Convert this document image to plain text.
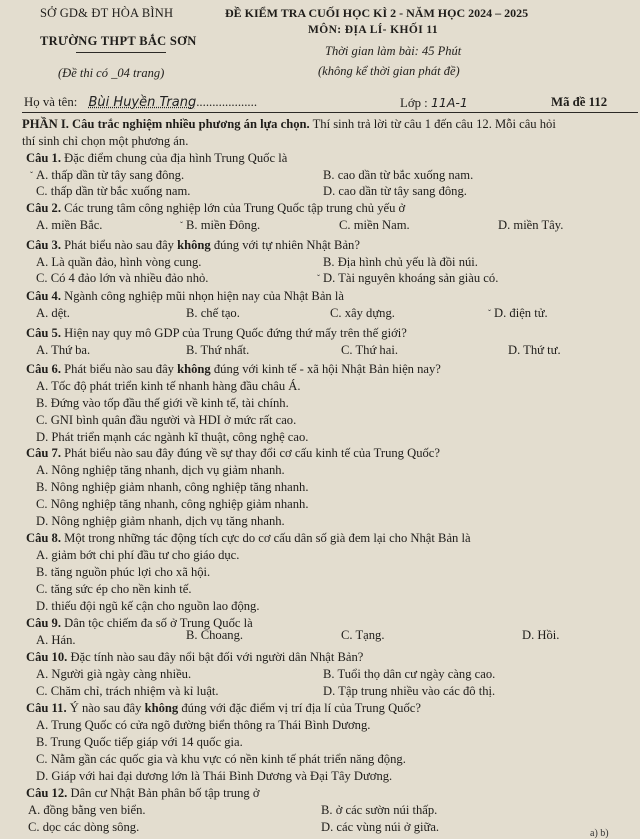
SỞ GD& ĐT HÒA BÌNH
TRƯỜNG THPT BẮC SƠN
(Đề thi có _04 trang)
ĐỀ KIỂM TRA CUỐI HỌC KÌ 2 - NĂM HỌC 2024 – 2025
MÔN: ĐỊA LÍ- KHỐI 11
Thời gian làm bài: 45 Phút
(không kể thời gian phát đề)
Họ và tên: Bùi Huyền Trang...................	Lớp : 11A-1	Mã đề 112
PHẦN I. Câu trắc nghiệm nhiều phương án lựa chọn. Thí sinh trả lời từ câu 1 đến câu 12. Mỗi câu hỏi
thí sinh chỉ chọn một phương án.
Câu 1. Đặc điểm chung của địa hình Trung Quốc là
A. thấp dần từ tây sang đông.	B. cao dần từ bắc xuống nam.
C. thấp dần từ bắc xuống nam.	D. cao dần từ tây sang đông.
Câu 2. Các trung tâm công nghiệp lớn của Trung Quốc tập trung chủ yếu ở
A. miền Bắc.	B. miền Đông.	C. miền Nam.	D. miền Tây.
Câu 3. Phát biểu nào sau đây không đúng với tự nhiên Nhật Bản?
A. Là quần đảo, hình vòng cung.	B. Địa hình chủ yếu là đồi núi.
C. Có 4 đảo lớn và nhiều đảo nhỏ.	D. Tài nguyên khoáng sản giàu có.
Câu 4. Ngành công nghiệp mũi nhọn hiện nay của Nhật Bản là
A. dệt.	B. chế tạo.	C. xây dựng.	D. điện tử.
Câu 5. Hiện nay quy mô GDP của Trung Quốc đứng thứ mấy trên thế giới?
A. Thứ ba.	B. Thứ nhất.	C. Thứ hai.	D. Thứ tư.
Câu 6. Phát biểu nào sau đây không đúng với kinh tế - xã hội Nhật Bản hiện nay?
A. Tốc độ phát triển kinh tế nhanh hàng đầu châu Á.
B. Đứng vào tốp đầu thế giới về kinh tế, tài chính.
C. GNI bình quân đầu người và HDI ở mức rất cao.
D. Phát triển mạnh các ngành kĩ thuật, công nghệ cao.
Câu 7. Phát biểu nào sau đây đúng về sự thay đổi cơ cấu kinh tế của Trung Quốc?
A. Nông nghiệp tăng nhanh, dịch vụ giảm nhanh.
B. Nông nghiệp giảm nhanh, công nghiệp tăng nhanh.
C. Nông nghiệp tăng nhanh, công nghiệp giảm nhanh.
D. Nông nghiệp giảm nhanh, dịch vụ tăng nhanh.
Câu 8. Một trong những tác động tích cực do cơ cấu dân số già đem lại cho Nhật Bản là
A. giảm bớt chi phí đầu tư cho giáo dục.
B. tăng nguồn phúc lợi cho xã hội.
C. tăng sức ép cho nền kinh tế.
D. thiếu đội ngũ kế cận cho nguồn lao động.
Câu 9. Dân tộc chiếm đa số ở Trung Quốc là
A. Hán.	B. Choang.	C. Tạng.	D. Hồi.
Câu 10. Đặc tính nào sau đây nổi bật đối với người dân Nhật Bản?
A. Người già ngày càng nhiều.	B. Tuổi thọ dân cư ngày càng cao.
C. Chăm chỉ, trách nhiệm và kỉ luật.	D. Tập trung nhiều vào các đô thị.
Câu 11. Ý nào sau đây không đúng với đặc điểm vị trí địa lí của Trung Quốc?
A. Trung Quốc có cửa ngõ đường biển thông ra Thái Bình Dương.
B. Trung Quốc tiếp giáp với 14 quốc gia.
C. Nằm gần các quốc gia và khu vực có nền kinh tế phát triển năng động.
D. Giáp với hai đại dương lớn là Thái Bình Dương và Đại Tây Dương.
Câu 12. Dân cư Nhật Bản phân bố tập trung ở
A. đồng bằng ven biển.	B. ở các sườn núi thấp.
C. dọc các dòng sông.	D. các vùng núi ở giữa.	a) b)
ˇ
ˇ
ˇ
ˇ
